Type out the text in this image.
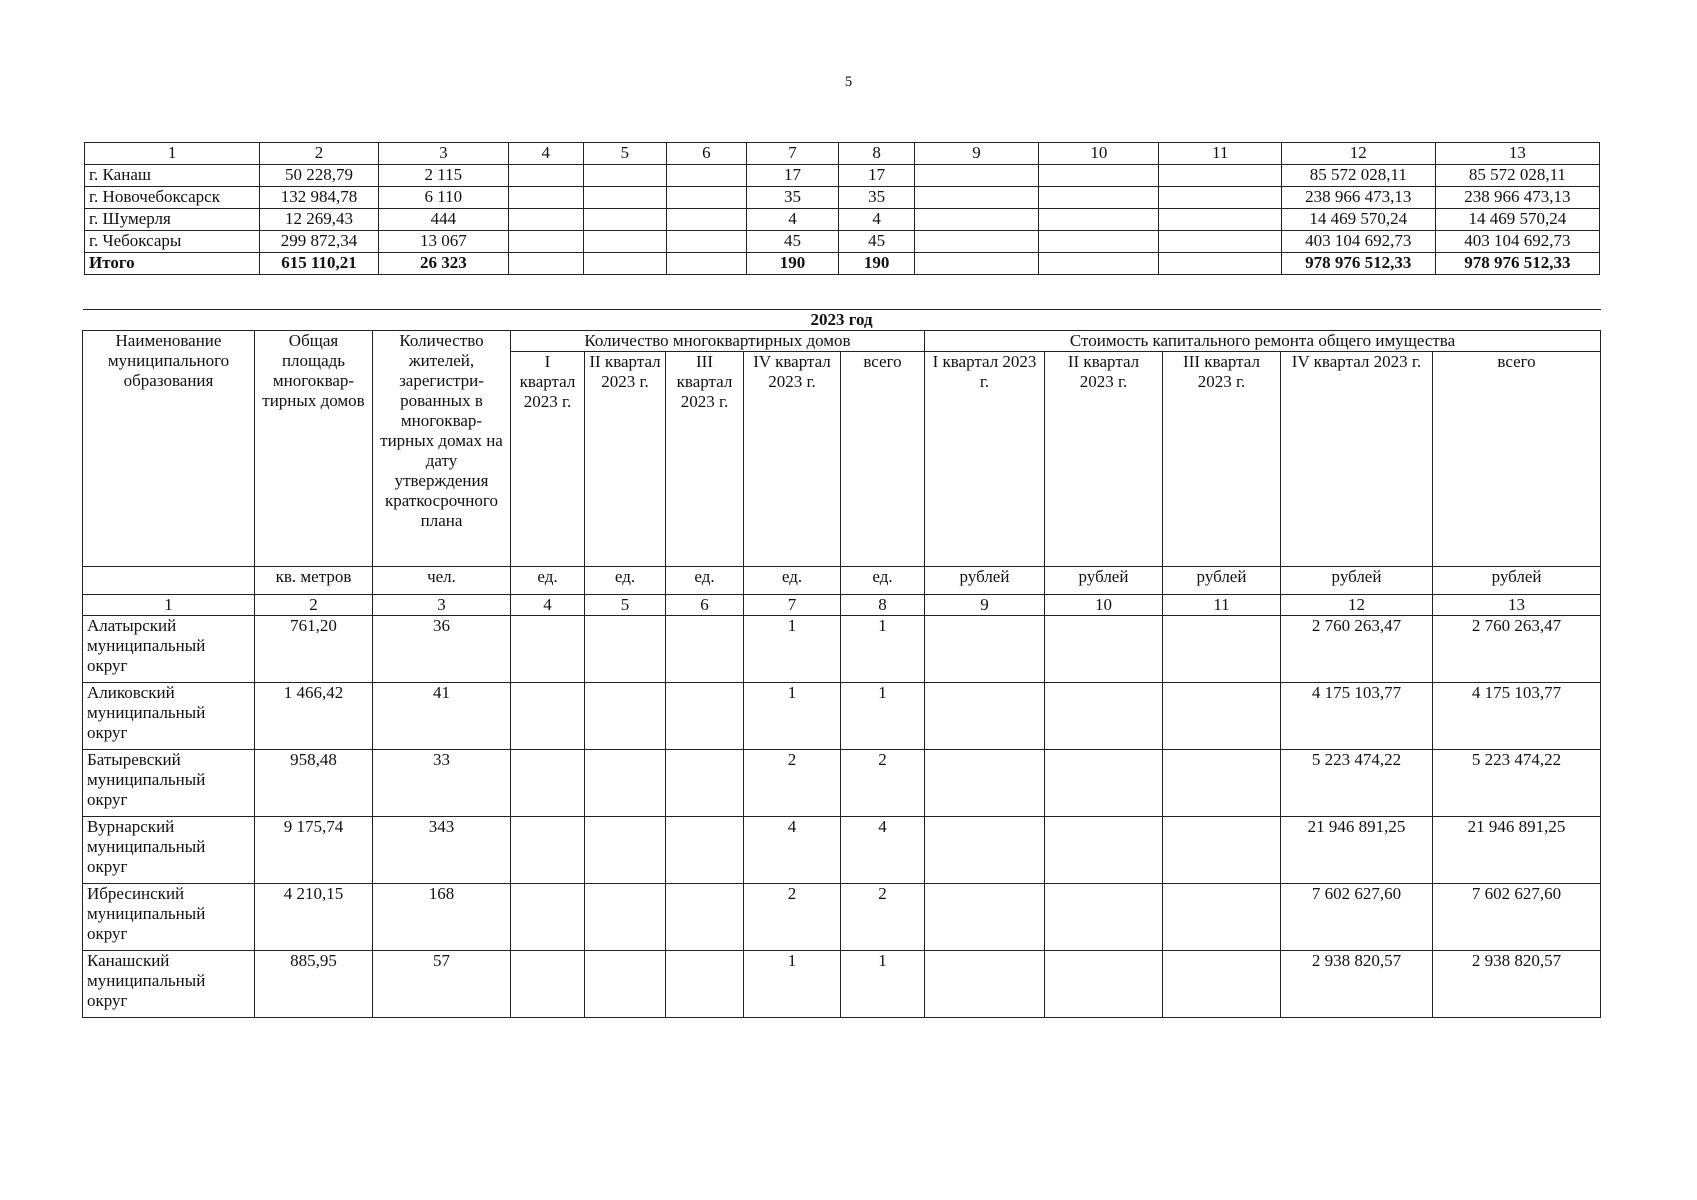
5
1	2	3	4	5	6	7	8	9	10	11	12	13
г. Канаш	50 228,79	2 115				17	17				85 572 028,11	85 572 028,11
г. Новочебоксарск	132 984,78	6 110				35	35				238 966 473,13	238 966 473,13
г. Шумерля	12 269,43	444				4	4				14 469 570,24	14 469 570,24
г. Чебоксары	299 872,34	13 067				45	45				403 104 692,73	403 104 692,73
Итого	615 110,21	26 323				190	190				978 976 512,33	978 976 512,33
2023 год												
Наименование муниципального образования	Общая площадь многоквар-тирных домов	Количество жителей, зарегистри-рованных в многоквар-тирных домах на дату утверждения краткосрочного плана	Количество многоквартирных домов					Стоимость капитального ремонта общего имущества				
			I квартал 2023 г.	II квартал 2023 г.	III квартал 2023 г.	IV квартал 2023 г.	всего	I квартал 2023 г.	II квартал 2023 г.	III квартал 2023 г.	IV квартал 2023 г.	всего
	кв. метров	чел.	ед.	ед.	ед.	ед.	ед.	рублей	рублей	рублей	рублей	рублей
1	2	3	4	5	6	7	8	9	10	11	12	13
Алатырский муниципальный округ	761,20	36				1	1				2 760 263,47	2 760 263,47
Аликовский муниципальный округ	1 466,42	41				1	1				4 175 103,77	4 175 103,77
Батыревский муниципальный округ	958,48	33				2	2				5 223 474,22	5 223 474,22
Вурнарский муниципальный округ	9 175,74	343				4	4				21 946 891,25	21 946 891,25
Ибресинский муниципальный округ	4 210,15	168				2	2				7 602 627,60	7 602 627,60
Канашский муниципальный округ	885,95	57				1	1				2 938 820,57	2 938 820,57
